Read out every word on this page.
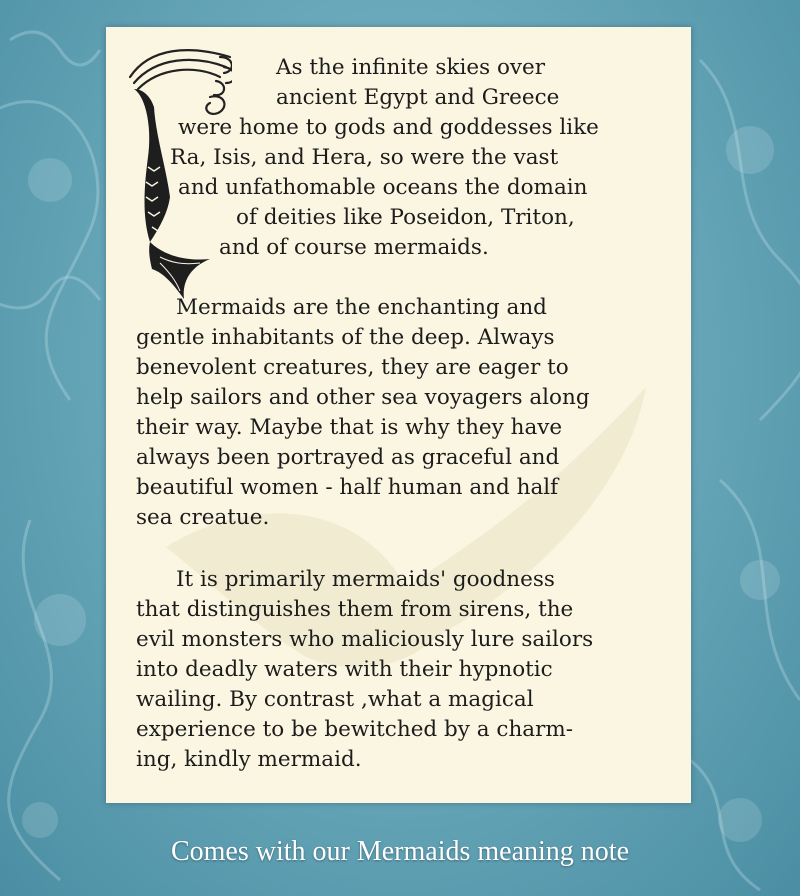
As the infinite skies over

ancient Egypt and Greece

were home to gods and goddesses like

Ra, Isis, and Hera, so were the vast

and unfathomable oceans the domain

of deities like Poseidon, Triton,

and of course mermaids.

Mermaids are the enchanting and

gentle inhabitants of the deep. Always

benevolent creatures, they are eager to

help sailors and other sea voyagers along

their way. Maybe that is why they have

always been portrayed as graceful and

beautiful women - half human and half

sea creatue.

It is primarily mermaids' goodness

that distinguishes them from sirens, the

evil monsters who maliciously lure sailors

into deadly waters with their hypnotic

wailing. By contrast ,what a magical

experience to be bewitched by a charm-

ing, kindly mermaid.

Comes with our Mermaids meaning note
